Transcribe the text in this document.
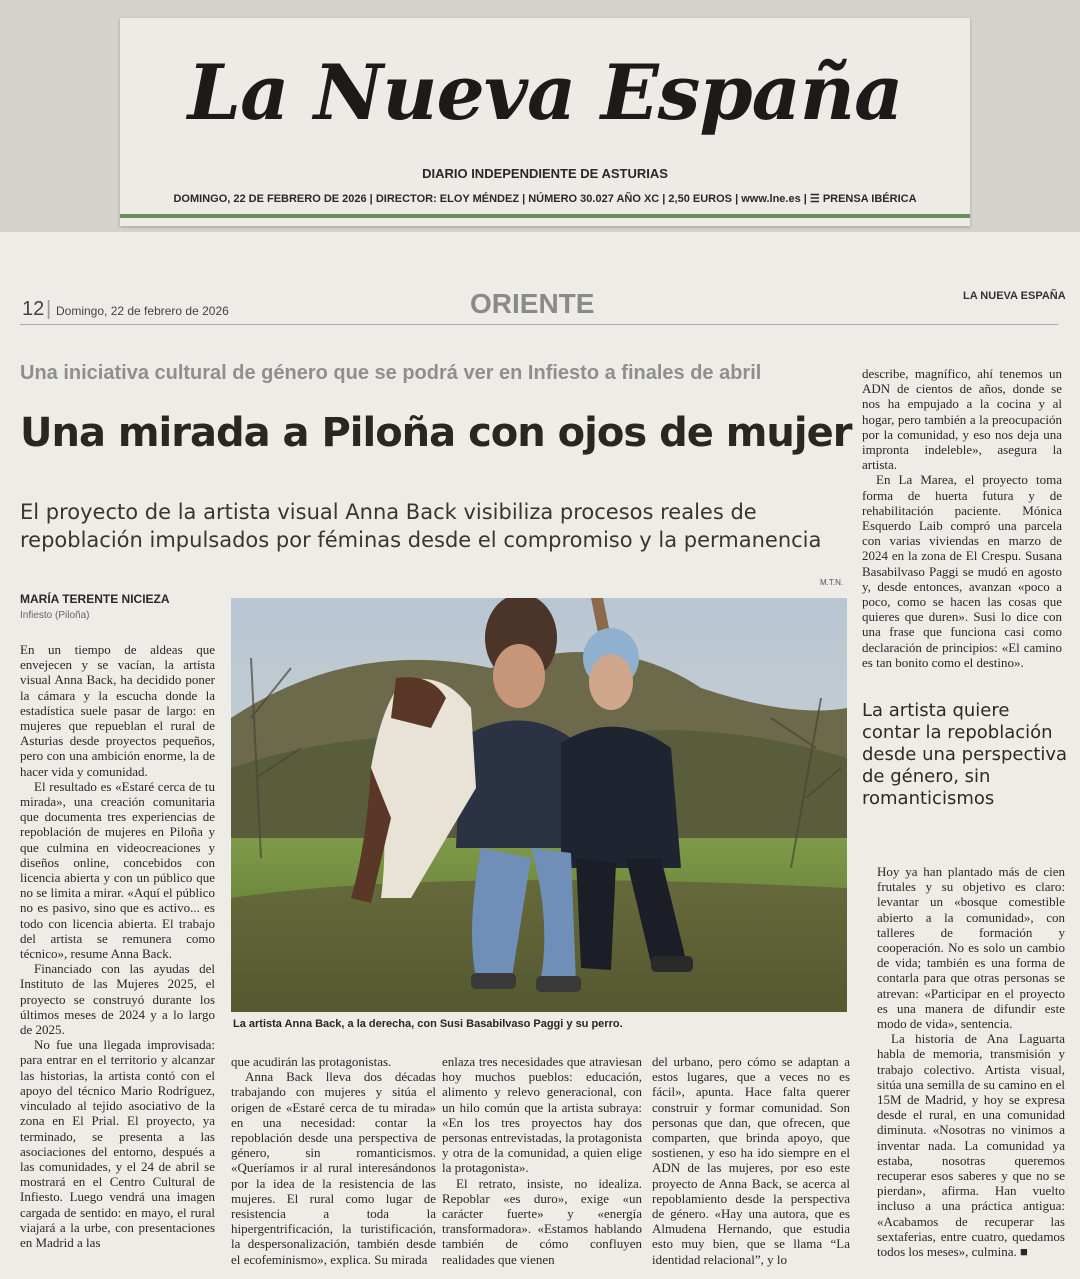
La Nueva España
DIARIO INDEPENDIENTE DE ASTURIAS
DOMINGO, 22 DE FEBRERO DE 2026 | DIRECTOR: ELOY MÉNDEZ | NÚMERO 30.027 AÑO XC | 2,50 EUROS | www.lne.es | ☰ PRENSA IBÉRICA
12 | Domingo, 22 de febrero de 2026	ORIENTE	LA NUEVA ESPAÑA
Una iniciativa cultural de género que se podrá ver en Infiesto a finales de abril
Una mirada a Piloña con ojos de mujer
El proyecto de la artista visual Anna Back visibiliza procesos reales de repoblación impulsados por féminas desde el compromiso y la permanencia
MARÍA TERENTE NICIEZA
Infiesto (Piloña)
M.T.N.
La artista Anna Back, a la derecha, con Susi Basabilvaso Paggi y su perro.

En un tiempo de aldeas que envejecen y se vacían, la artista visual Anna Back, ha decidido poner la cámara y la escucha donde la estadística suele pasar de largo: en mujeres que repueblan el rural de Asturias desde proyectos pequeños, pero con una ambición enorme, la de hacer vida y comunidad.

El resultado es «Estaré cerca de tu mirada», una creación comunitaria que documenta tres experiencias de repoblación de mujeres en Piloña y que culmina en videocreaciones y diseños online, concebidos con licencia abierta y con un público que no se limita a mirar. «Aquí el público no es pasivo, sino que es activo... es todo con licencia abierta. El trabajo del artista se remunera como técnico», resume Anna Back.

Financiado con las ayudas del Instituto de las Mujeres 2025, el proyecto se construyó durante los últimos meses de 2024 y a lo largo de 2025.

No fue una llegada improvisada: para entrar en el territorio y alcanzar las historias, la artista contó con el apoyo del técnico Mario Rodríguez, vinculado al tejido asociativo de la zona en El Prial. El proyecto, ya terminado, se presenta a las asociaciones del entorno, después a las comunidades, y el 24 de abril se mostrará en el Centro Cultural de Infiesto. Luego vendrá una imagen cargada de sentido: en mayo, el rural viajará a la urbe, con presentaciones en Madrid a las

que acudirán las protagonistas.

Anna Back lleva dos décadas trabajando con mujeres y sitúa el origen de «Estaré cerca de tu mirada» en una necesidad: contar la repoblación desde una perspectiva de género, sin romanticismos. «Queríamos ir al rural interesándonos por la idea de la resistencia de las mujeres. El rural como lugar de resistencia a toda la hipergentrificación, la turistificación, la despersonalización, también desde el ecofeminismo», explica. Su mirada

enlaza tres necesidades que atraviesan hoy muchos pueblos: educación, alimento y relevo generacional, con un hilo común que la artista subraya: «En los tres proyectos hay dos personas entrevistadas, la protagonista y otra de la comunidad, a quien elige la protagonista».

El retrato, insiste, no idealiza. Repoblar «es duro», exige «un carácter fuerte» y «energía transformadora». «Estamos hablando también de cómo confluyen realidades que vienen

del urbano, pero cómo se adaptan a estos lugares, que a veces no es fácil», apunta. Hace falta querer construir y formar comunidad. Son personas que dan, que ofrecen, que comparten, que brinda apoyo, que sostienen, y eso ha ido siempre en el ADN de las mujeres, por eso este proyecto de Anna Back, se acerca al repoblamiento desde la perspectiva de género. «Hay una autora, que es Almudena Hernando, que estudia esto muy bien, que se llama “La identidad relacional”, y lo

describe, magnífico, ahí tenemos un ADN de cientos de años, donde se nos ha empujado a la cocina y al hogar, pero también a la preocupación por la comunidad, y eso nos deja una impronta indeleble», asegura la artista.

En La Marea, el proyecto toma forma de huerta futura y de rehabilitación paciente. Mónica Esquerdo Laib compró una parcela con varias viviendas en marzo de 2024 en la zona de El Crespu. Susana Basabilvaso Paggi se mudó en agosto y, desde entonces, avanzan «poco a poco, como se hacen las cosas que quieres que duren». Susi lo dice con una frase que funciona casi como declaración de principios: «El camino es tan bonito como el destino».

La artista quiere contar la repoblación desde una perspectiva de género, sin romanticismos

Hoy ya han plantado más de cien frutales y su objetivo es claro: levantar un «bosque comestible abierto a la comunidad», con talleres de formación y cooperación. No es solo un cambio de vida; también es una forma de contarla para que otras personas se atrevan: «Participar en el proyecto es una manera de difundir este modo de vida», sentencia.

La historia de Ana Laguarta habla de memoria, transmisión y trabajo colectivo. Artista visual, sitúa una semilla de su camino en el 15M de Madrid, y hoy se expresa desde el rural, en una comunidad diminuta. «Nosotras no vinimos a inventar nada. La comunidad ya estaba, nosotras queremos recuperar esos saberes y que no se pierdan», afirma. Han vuelto incluso a una práctica antigua: «Acabamos de recuperar las sextaferias, entre cuatro, quedamos todos los meses», culmina. ■
